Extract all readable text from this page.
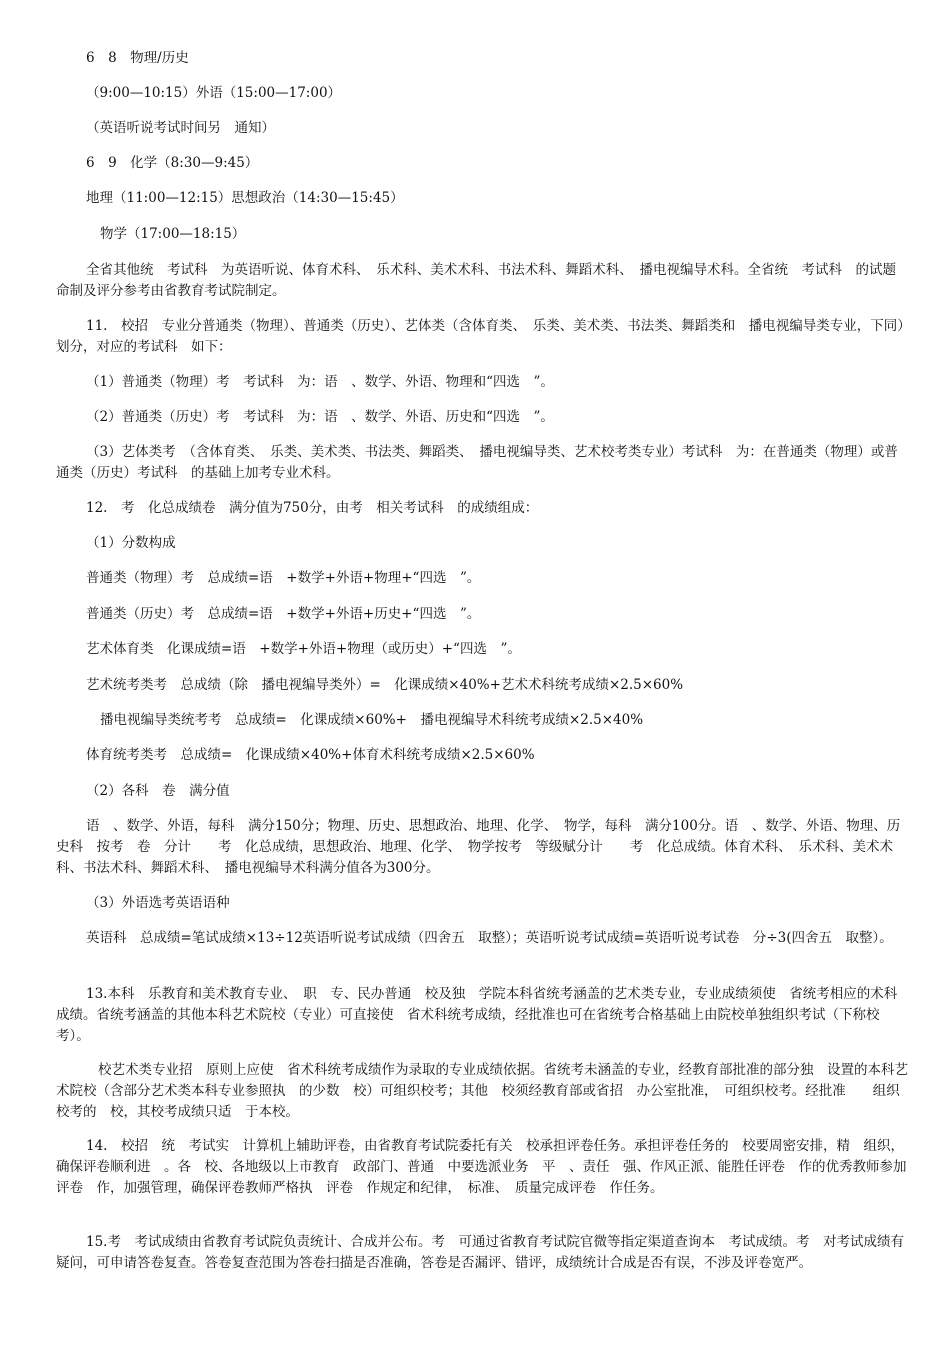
6　8　物理/历史
（9:00—10:15）外语（15:00—17:00）
（英语听说考试时间另　通知）
6　9　化学（8:30—9:45）
地理（11:00—12:15）思想政治（14:30—15:45）
物学（17:00—18:15）
全省其他统　考试科　为英语听说、体育术科、　乐术科、美术术科、书法术科、舞蹈术科、　播电视编导术科。全省统　考试科　的试题命制及评分参考由省教育考试院制定。
11.　校招　专业分普通类（物理）、普通类（历史）、艺体类（含体育类、　乐类、美术类、书法类、舞蹈类和　播电视编导类专业，下同）划分，对应的考试科　如下：
（1）普通类（物理）考　考试科　为：语　、数学、外语、物理和“四选　”。
（2）普通类（历史）考　考试科　为：语　、数学、外语、历史和“四选　”。
（3）艺体类考　（含体育类、　乐类、美术类、书法类、舞蹈类、　播电视编导类、艺术校考类专业）考试科　为：在普通类（物理）或普通类（历史）考试科　的基础上加考专业术科。
12.　考　化总成绩卷　满分值为750分，由考　相关考试科　的成绩组成：
（1）分数构成
普通类（物理）考　总成绩=语　+数学+外语+物理+“四选　”。
普通类（历史）考　总成绩=语　+数学+外语+历史+“四选　”。
艺术体育类　化课成绩=语　+数学+外语+物理（或历史）+“四选　”。
艺术统考类考　总成绩（除　播电视编导类外）=　化课成绩×40%+艺术术科统考成绩×2.5×60%
播电视编导类统考考　总成绩=　化课成绩×60%+　播电视编导术科统考成绩×2.5×40%
体育统考类考　总成绩=　化课成绩×40%+体育术科统考成绩×2.5×60%
（2）各科　卷　满分值
语　、数学、外语，每科　满分150分；物理、历史、思想政治、地理、化学、　物学，每科　满分100分。语　、数学、外语、物理、历史科　按考　卷　分计　　考　化总成绩，思想政治、地理、化学、　物学按考　等级赋分计　　考　化总成绩。体育术科、　乐术科、美术术科、书法术科、舞蹈术科、　播电视编导术科满分值各为300分。
（3）外语选考英语语种
英语科　总成绩=笔试成绩×13÷12英语听说考试成绩（四舍五　取整）；英语听说考试成绩=英语听说考试卷　分÷3(四舍五　取整）。
13.本科　乐教育和美术教育专业、　职　专、民办普通　校及独　学院本科省统考涵盖的艺术类专业，专业成绩须使　省统考相应的术科成绩。省统考涵盖的其他本科艺术院校（专业）可直接使　省术科统考成绩，经批准也可在省统考合格基础上由院校单独组织考试（下称校考）。
校艺术类专业招　原则上应使　省术科统考成绩作为录取的专业成绩依据。省统考未涵盖的专业，经教育部批准的部分独　设置的本科艺术院校（含部分艺术类本科专业参照执　的少数　校）可组织校考；其他　校须经教育部或省招　办公室批准，　可组织校考。经批准　　组织校考的　校，其校考成绩只适　于本校。
14.　校招　统　考试实　计算机上辅助评卷，由省教育考试院委托有关　校承担评卷任务。承担评卷任务的　校要周密安排，精　组织，确保评卷顺利进　。各　校、各地级以上市教育　政部门、普通　中要选派业务　平　、责任　强、作风正派、能胜任评卷　作的优秀教师参加评卷　作，加强管理，确保评卷教师严格执　评卷　作规定和纪律，　标准、　质量完成评卷　作任务。
15.考　考试成绩由省教育考试院负责统计、合成并公布。考　可通过省教育考试院官微等指定渠道查询本　考试成绩。考　对考试成绩有疑问，可申请答卷复查。答卷复查范围为答卷扫描是否准确，答卷是否漏评、错评，成绩统计合成是否有误，不涉及评卷宽严。
